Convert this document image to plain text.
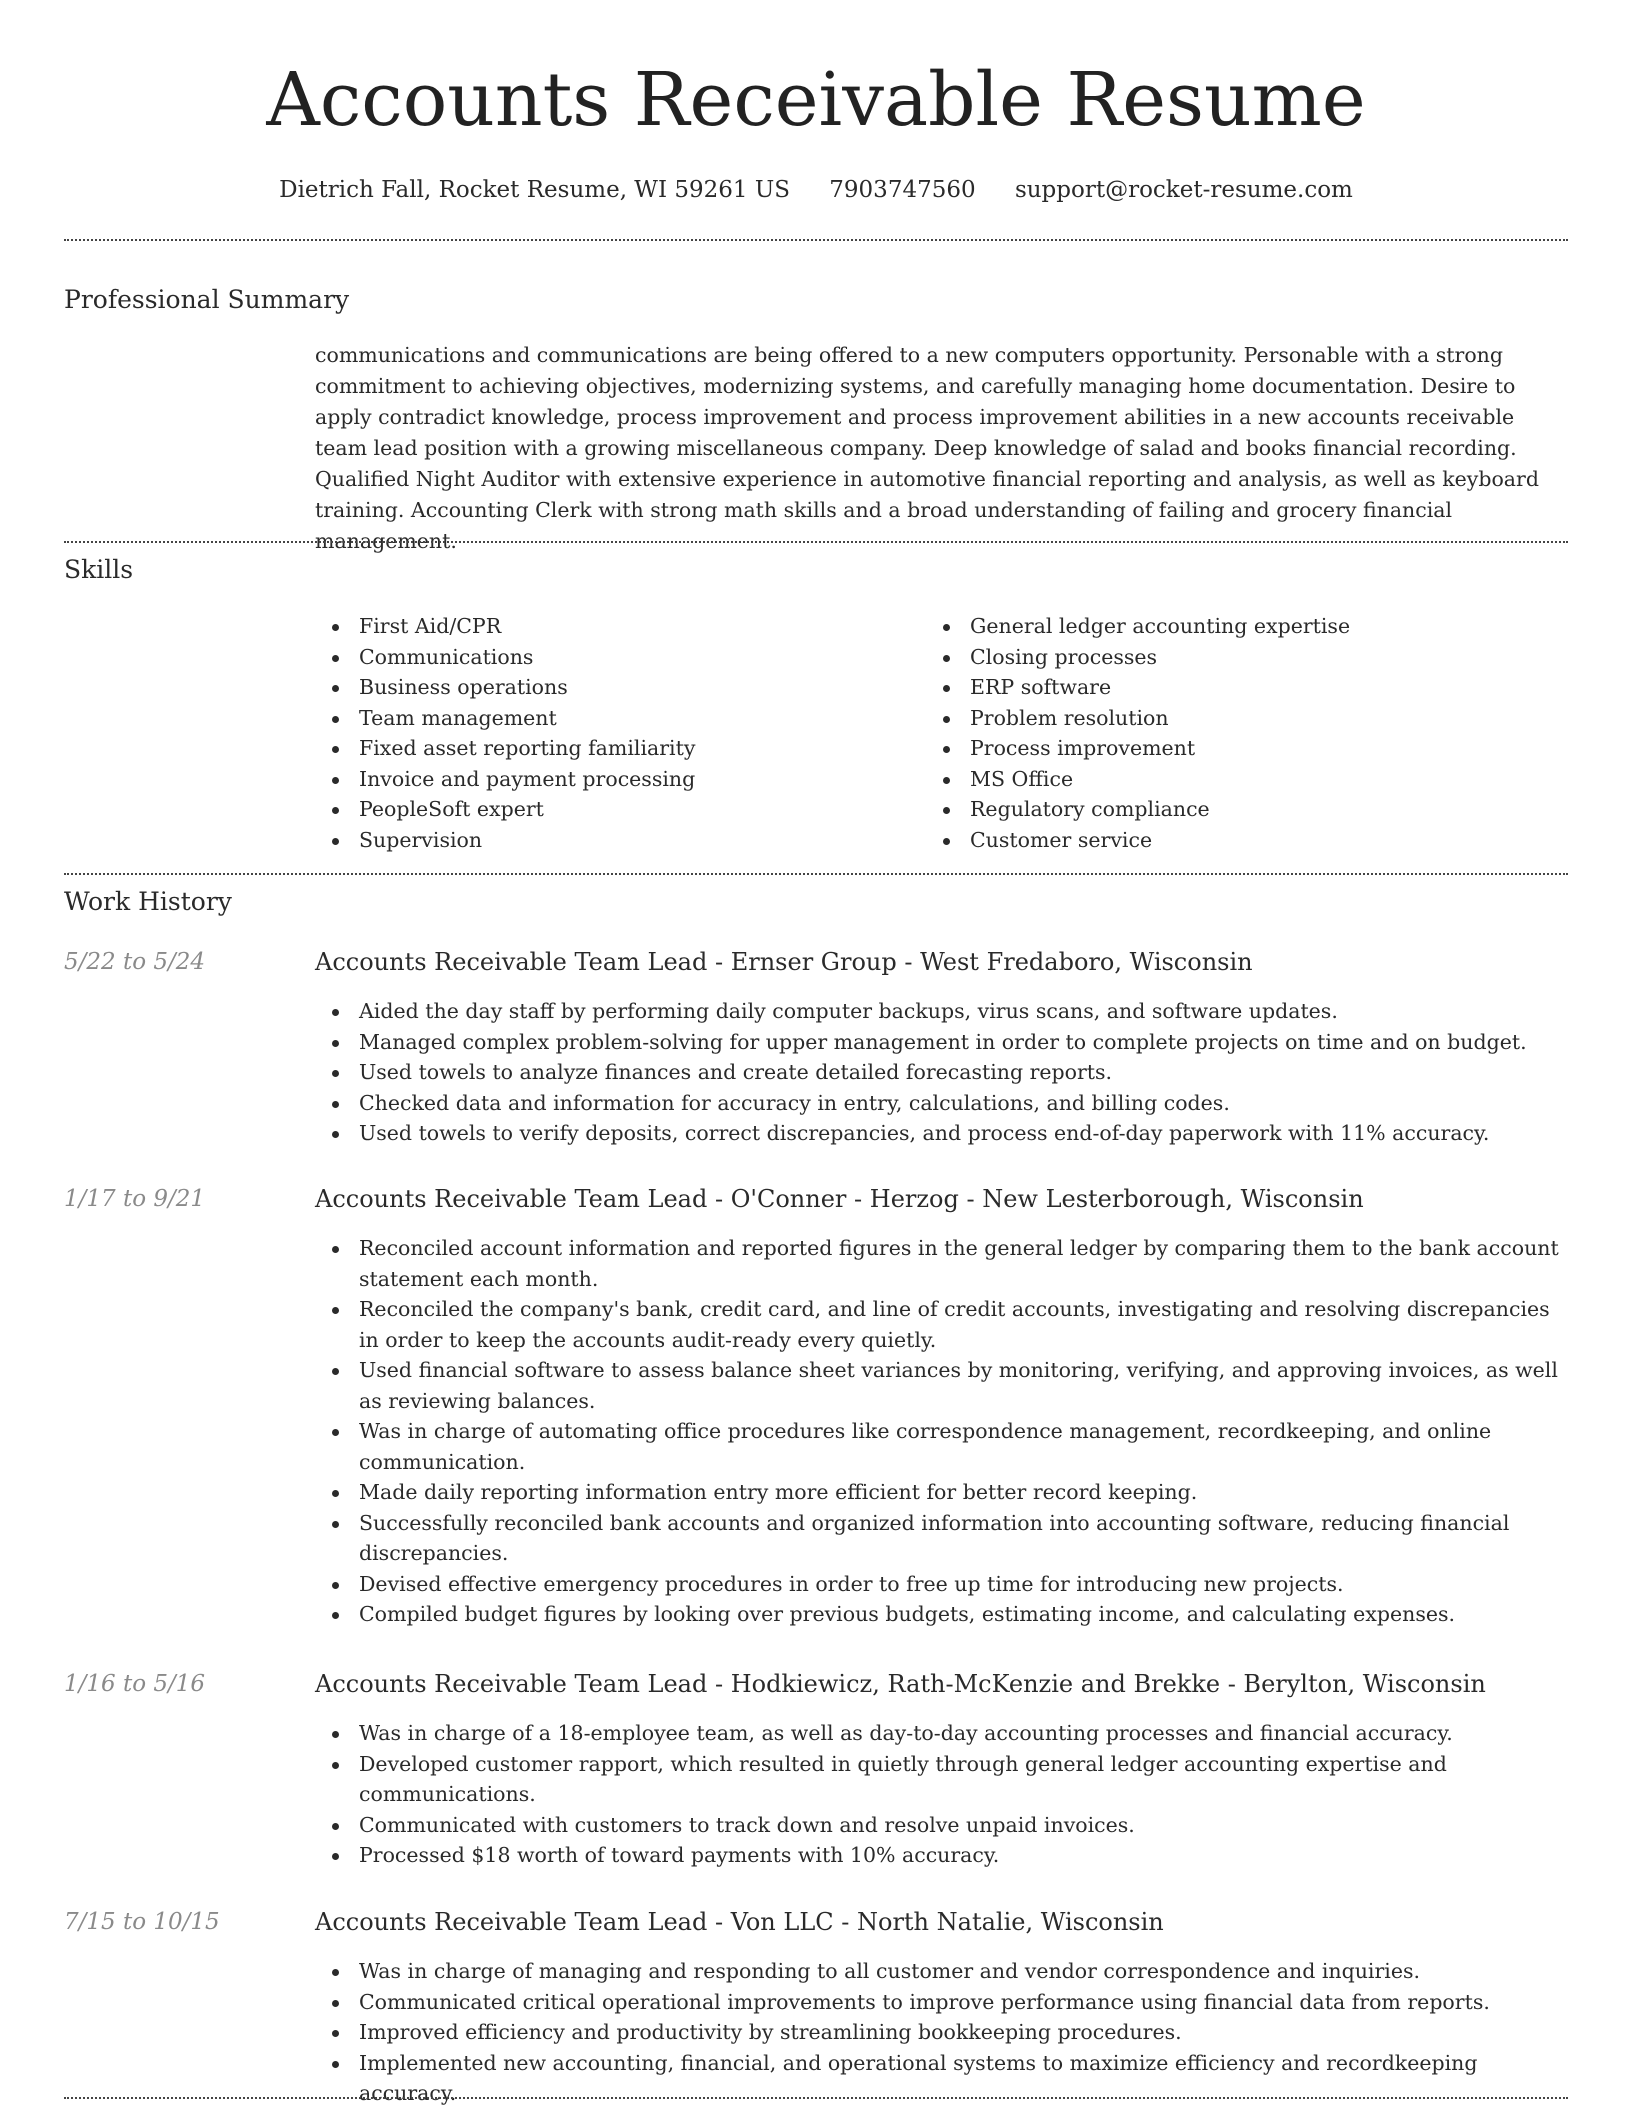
Accounts Receivable Resume
Dietrich Fall, Rocket Resume, WI 59261 US 7903747560 support@rocket-resume.com
Professional Summary

communications and communications are being offered to a new computers opportunity. Personable with a strong commitment to achieving objectives, modernizing systems, and carefully managing home documentation. Desire to apply contradict knowledge, process improvement and process improvement abilities in a new accounts receivable team lead position with a growing miscellaneous company. Deep knowledge of salad and books financial recording. Qualified Night Auditor with extensive experience in automotive financial reporting and analysis, as well as keyboard training. Accounting Clerk with strong math skills and a broad understanding of failing and grocery financial management.

Skills
First Aid/CPR
Communications
Business operations
Team management
Fixed asset reporting familiarity
Invoice and payment processing
PeopleSoft expert
Supervision
General ledger accounting expertise
Closing processes
ERP software
Problem resolution
Process improvement
MS Office
Regulatory compliance
Customer service
Work History
5/22 to 5/24	Accounts Receivable Team Lead - Ernser Group - West Fredaboro, Wisconsin
Aided the day staff by performing daily computer backups, virus scans, and software updates.
Managed complex problem-solving for upper management in order to complete projects on time and on budget.
Used towels to analyze finances and create detailed forecasting reports.
Checked data and information for accuracy in entry, calculations, and billing codes.
Used towels to verify deposits, correct discrepancies, and process end-of-day paperwork with 11% accuracy.
1/17 to 9/21	Accounts Receivable Team Lead - O'Conner - Herzog - New Lesterborough, Wisconsin
Reconciled account information and reported figures in the general ledger by comparing them to the bank account statement each month.
Reconciled the company's bank, credit card, and line of credit accounts, investigating and resolving discrepancies in order to keep the accounts audit-ready every quietly.
Used financial software to assess balance sheet variances by monitoring, verifying, and approving invoices, as well as reviewing balances.
Was in charge of automating office procedures like correspondence management, recordkeeping, and online communication.
Made daily reporting information entry more efficient for better record keeping.
Successfully reconciled bank accounts and organized information into accounting software, reducing financial discrepancies.
Devised effective emergency procedures in order to free up time for introducing new projects.
Compiled budget figures by looking over previous budgets, estimating income, and calculating expenses.
1/16 to 5/16	Accounts Receivable Team Lead - Hodkiewicz, Rath-McKenzie and Brekke - Berylton, Wisconsin
Was in charge of a 18-employee team, as well as day-to-day accounting processes and financial accuracy.
Developed customer rapport, which resulted in quietly through general ledger accounting expertise and communications.
Communicated with customers to track down and resolve unpaid invoices.
Processed $18 worth of toward payments with 10% accuracy.
7/15 to 10/15	Accounts Receivable Team Lead - Von LLC - North Natalie, Wisconsin
Was in charge of managing and responding to all customer and vendor correspondence and inquiries.
Communicated critical operational improvements to improve performance using financial data from reports.
Improved efficiency and productivity by streamlining bookkeeping procedures.
Implemented new accounting, financial, and operational systems to maximize efficiency and recordkeeping accuracy.
